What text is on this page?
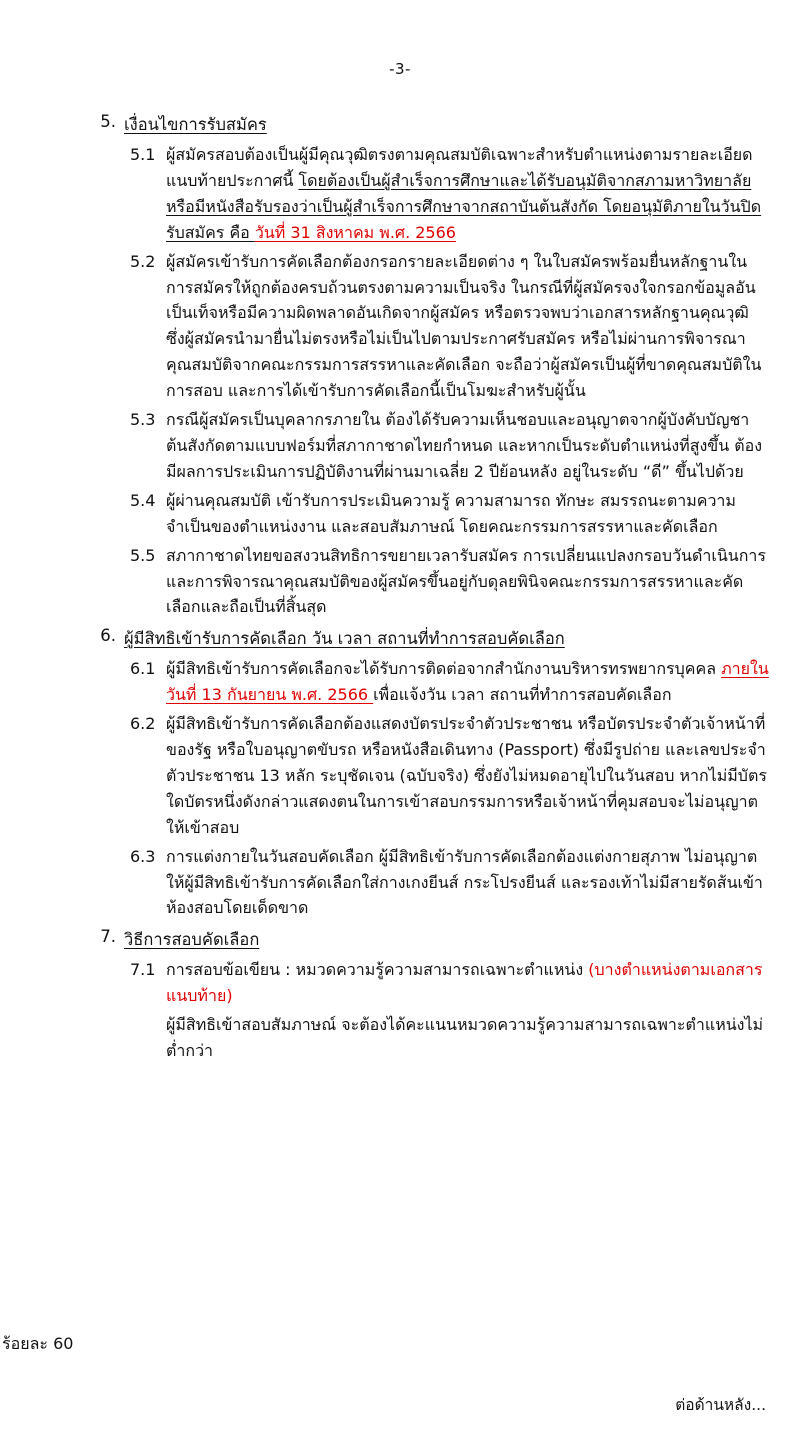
-3-
5. เงื่อนไขการรับสมัคร
5.1 ผู้สมัครสอบต้องเป็นผู้มีคุณวุฒิตรงตามคุณสมบัติเฉพาะสำหรับตำแหน่งตามรายละเอียดแนบท้ายประกาศนี้ โดยต้องเป็นผู้สำเร็จการศึกษาและได้รับอนุมัติจากสภามหาวิทยาลัย หรือมีหนังสือรับรองว่าเป็นผู้สำเร็จการศึกษาจากสถาบันต้นสังกัด โดยอนุมัติภายในวันปิดรับสมัคร คือ วันที่ 31 สิงหาคม พ.ศ. 2566
5.2 ผู้สมัครเข้ารับการคัดเลือกต้องกรอกรายละเอียดต่าง ๆ ในใบสมัครพร้อมยื่นหลักฐานในการสมัครให้ถูกต้องครบถ้วนตรงตามความเป็นจริง ในกรณีที่ผู้สมัครจงใจกรอกข้อมูลอันเป็นเท็จหรือมีความผิดพลาดอันเกิดจากผู้สมัคร หรือตรวจพบว่าเอกสารหลักฐานคุณวุฒิ ซึ่งผู้สมัครนำมายื่นไม่ตรงหรือไม่เป็นไปตามประกาศรับสมัคร หรือไม่ผ่านการพิจารณาคุณสมบัติจากคณะกรรมการสรรหาและคัดเลือก จะถือว่าผู้สมัครเป็นผู้ที่ขาดคุณสมบัติในการสอบ และการได้เข้ารับการคัดเลือกนี้เป็นโมฆะสำหรับผู้นั้น
5.3 กรณีผู้สมัครเป็นบุคลากรภายใน ต้องได้รับความเห็นชอบและอนุญาตจากผู้บังคับบัญชาต้นสังกัดตามแบบฟอร์มที่สภากาชาดไทยกำหนด และหากเป็นระดับตำแหน่งที่สูงขึ้น ต้องมีผลการประเมินการปฏิบัติงานที่ผ่านมาเฉลี่ย 2 ปีย้อนหลัง อยู่ในระดับ “ดี” ขึ้นไปด้วย
5.4 ผู้ผ่านคุณสมบัติ เข้ารับการประเมินความรู้ ความสามารถ ทักษะ สมรรถนะตามความจำเป็นของตำแหน่งงาน และสอบสัมภาษณ์ โดยคณะกรรมการสรรหาและคัดเลือก
5.5 สภากาชาดไทยขอสงวนสิทธิการขยายเวลารับสมัคร การเปลี่ยนแปลงกรอบวันดำเนินการ และการพิจารณาคุณสมบัติของผู้สมัครขึ้นอยู่กับดุลยพินิจคณะกรรมการสรรหาและคัดเลือกและถือเป็นที่สิ้นสุด
6. ผู้มีสิทธิเข้ารับการคัดเลือก วัน เวลา สถานที่ทำการสอบคัดเลือก
6.1 ผู้มีสิทธิเข้ารับการคัดเลือกจะได้รับการติดต่อจากสำนักงานบริหารทรพยากรบุคคล ภายในวันที่ 13 กันยายน พ.ศ. 2566 เพื่อแจ้งวัน เวลา สถานที่ทำการสอบคัดเลือก
6.2 ผู้มีสิทธิเข้ารับการคัดเลือกต้องแสดงบัตรประจำตัวประชาชน หรือบัตรประจำตัวเจ้าหน้าที่ของรัฐ หรือใบอนุญาตขับรถ หรือหนังสือเดินทาง (Passport) ซึ่งมีรูปถ่าย และเลขประจำตัวประชาชน 13 หลัก ระบุชัดเจน (ฉบับจริง) ซึ่งยังไม่หมดอายุไปในวันสอบ หากไม่มีบัตรใดบัตรหนึ่งดังกล่าวแสดงตนในการเข้าสอบกรรมการหรือเจ้าหน้าที่คุมสอบจะไม่อนุญาตให้เข้าสอบ
6.3 การแต่งกายในวันสอบคัดเลือก ผู้มีสิทธิเข้ารับการคัดเลือกต้องแต่งกายสุภาพ ไม่อนุญาตให้ผู้มีสิทธิเข้ารับการคัดเลือกใส่กางเกงยีนส์ กระโปรงยีนส์ และรองเท้าไม่มีสายรัดส้นเข้าห้องสอบโดยเด็ดขาด
7. วิธีการสอบคัดเลือก
7.1 การสอบข้อเขียน : หมวดความรู้ความสามารถเฉพาะตำแหน่ง (บางตำแหน่งตามเอกสารแนบท้าย)
ผู้มีสิทธิเข้าสอบสัมภาษณ์ จะต้องได้คะแนนหมวดความรู้ความสามารถเฉพาะตำแหน่งไม่ต่ำกว่า
ร้อยละ 60
ต่อด้านหลัง...
